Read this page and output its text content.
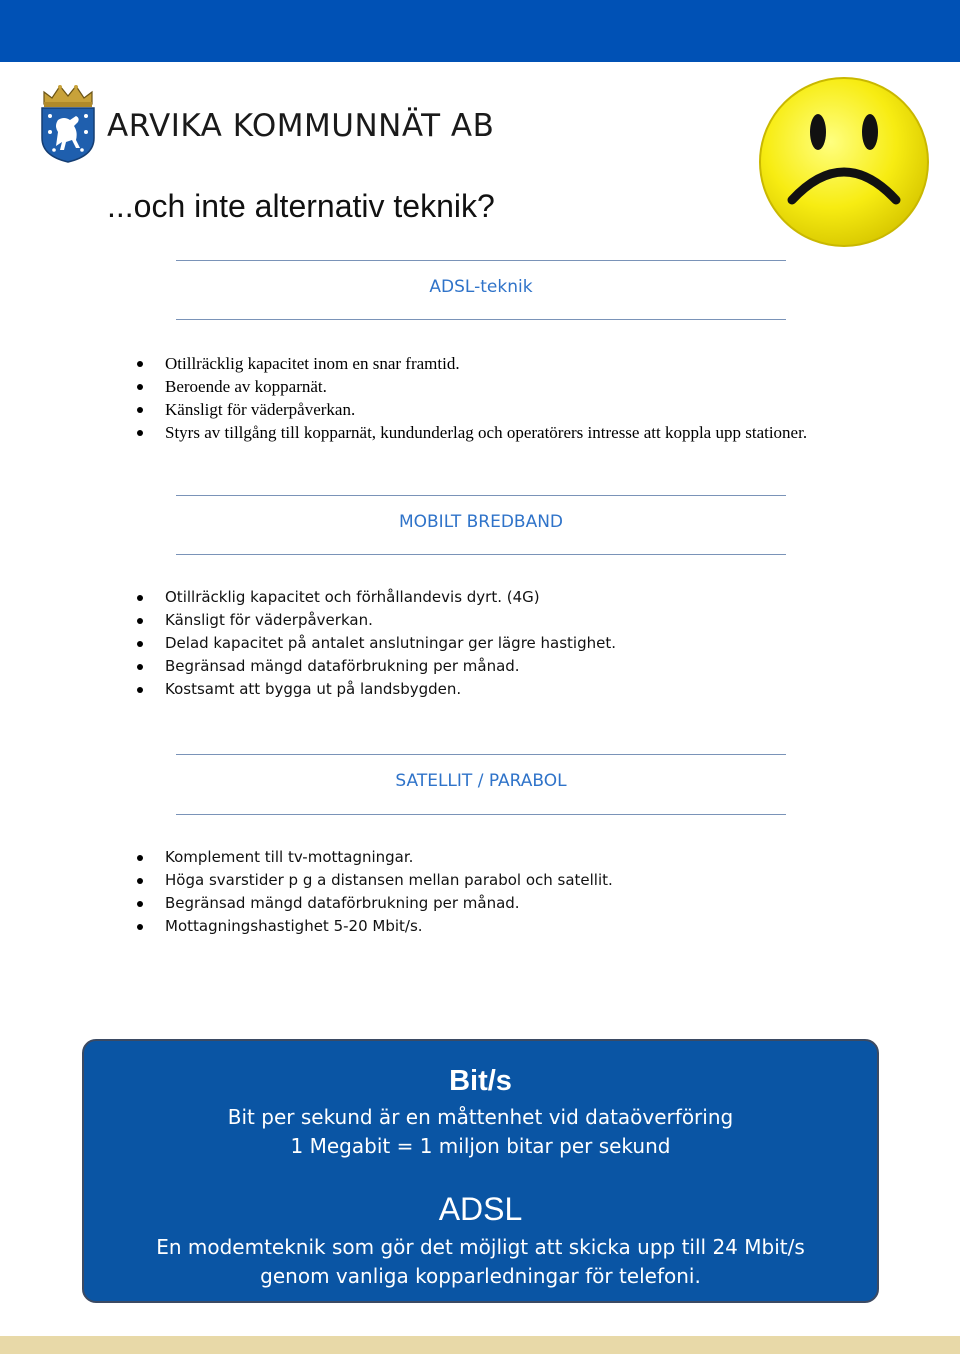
ARVIKA KOMMUNNÄT AB
...och inte alternativ teknik?
ADSL-teknik
Otillräcklig kapacitet inom en snar framtid.
Beroende av kopparnät.
Känsligt för väderpåverkan.
Styrs av tillgång till kopparnät, kundunderlag och operatörers intresse att koppla upp stationer.
MOBILT BREDBAND
Otillräcklig kapacitet och förhållandevis dyrt. (4G)
Känsligt för väderpåverkan.
Delad kapacitet på antalet anslutningar ger lägre hastighet.
Begränsad mängd dataförbrukning per månad.
Kostsamt att bygga ut på landsbygden.
SATELLIT / PARABOL
Komplement till tv-mottagningar.
Höga svarstider p g a distansen mellan parabol och satellit.
Begränsad mängd dataförbrukning per månad.
Mottagningshastighet 5-20 Mbit/s.
Bit/s
Bit per sekund är en måttenhet vid dataöverföring
1 Megabit = 1 miljon bitar per sekund
ADSL
En modemteknik som gör det möjligt att skicka upp till 24 Mbit/s
genom vanliga kopparledningar för telefoni.
